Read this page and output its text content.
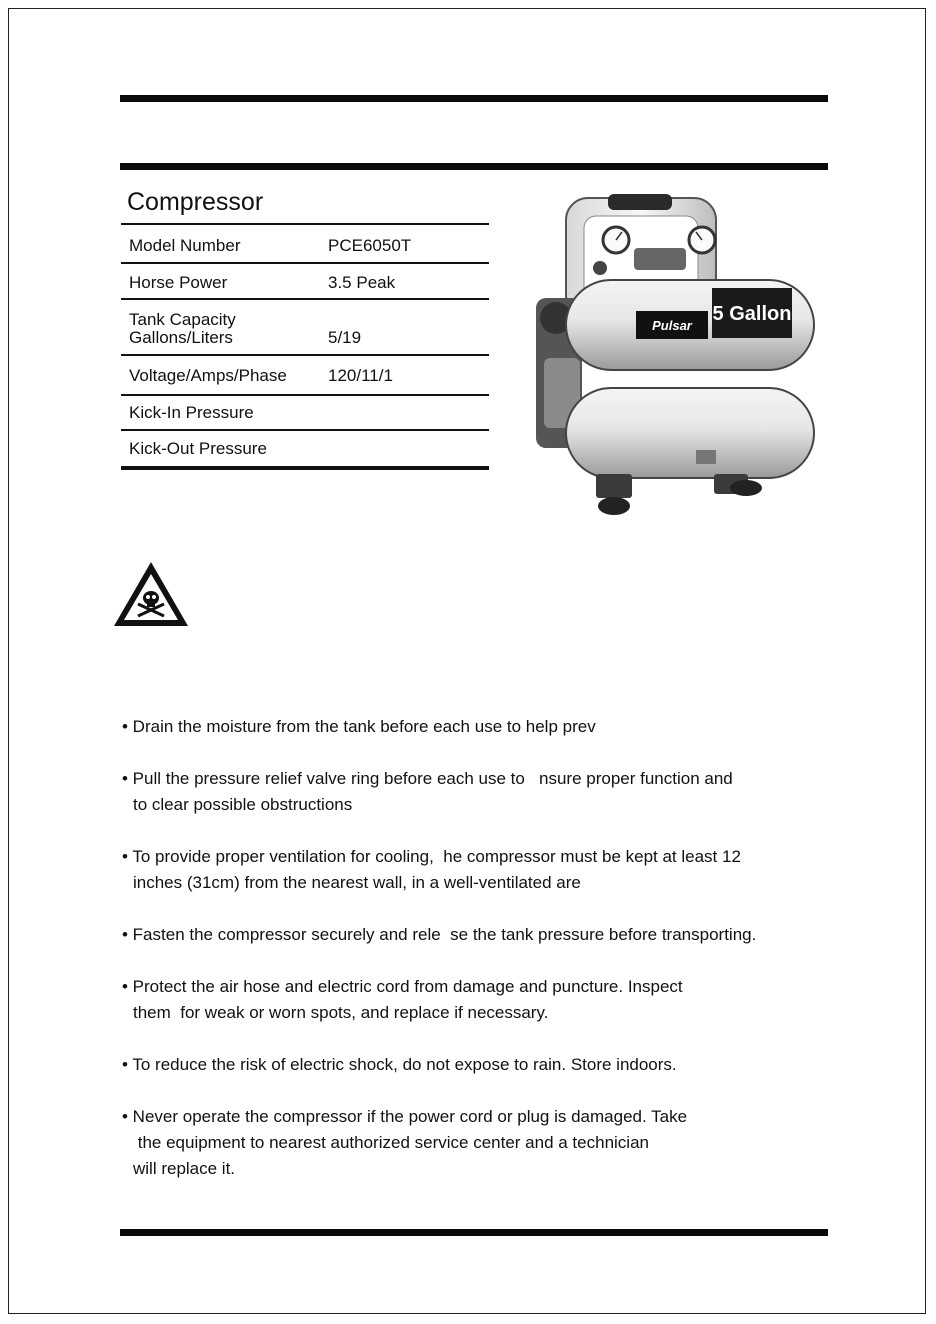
Compressor
Model Number	PCE6050T
Horse Power	3.5 Peak
Tank Capacity
Gallons/Liters	5/19
Voltage/Amps/Phase 120/11/1
Kick-In Pressure
Kick-Out Pressure
Pulsar
5 Gallon
• Drain the moisture from the tank before each use to help prev
• Pull the pressure relief valve ring before each use to   nsure proper function and
to clear possible obstructions
• To provide proper ventilation for cooling,  he compressor must be kept at least 12
inches (31cm) from the nearest wall, in a well-ventilated are
• Fasten the compressor securely and rele  se the tank pressure before transporting.
• Protect the air hose and electric cord from damage and puncture. Inspect
them  for weak or worn spots, and replace if necessary.
• To reduce the risk of electric shock, do not expose to rain. Store indoors.
• Never operate the compressor if the power cord or plug is damaged. Take
the equipment to nearest authorized service center and a technician
will replace it.
